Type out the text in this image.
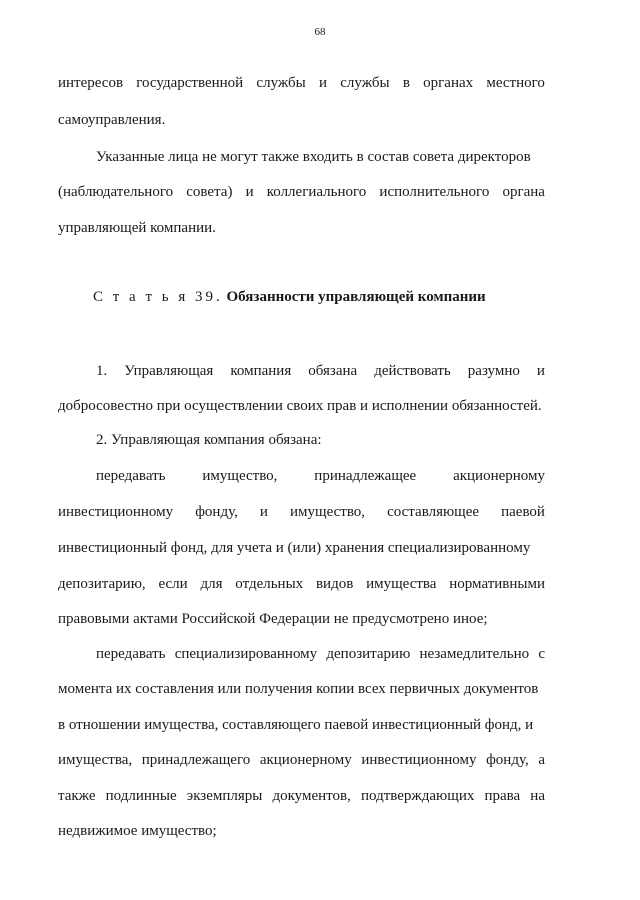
68
интересов государственной службы и службы в органах местного
самоуправления.
Указанные лица не могут также входить в состав совета директоров
(наблюдательного совета) и коллегиального исполнительного органа
управляющей компании.
С т а т ь я 39. Обязанности управляющей компании
1. Управляющая компания обязана действовать разумно и
добросовестно при осуществлении своих прав и исполнении обязанностей.
2. Управляющая компания обязана:
передавать имущество, принадлежащее акционерному
инвестиционному фонду, и имущество, составляющее паевой
инвестиционный фонд, для учета и (или) хранения специализированному
депозитарию, если для отдельных видов имущества нормативными
правовыми актами Российской Федерации не предусмотрено иное;
передавать специализированному депозитарию незамедлительно с
момента их составления или получения копии всех первичных документов
в отношении имущества, составляющего паевой инвестиционный фонд, и
имущества, принадлежащего акционерному инвестиционному фонду, а
также подлинные экземпляры документов, подтверждающих права на
недвижимое имущество;
